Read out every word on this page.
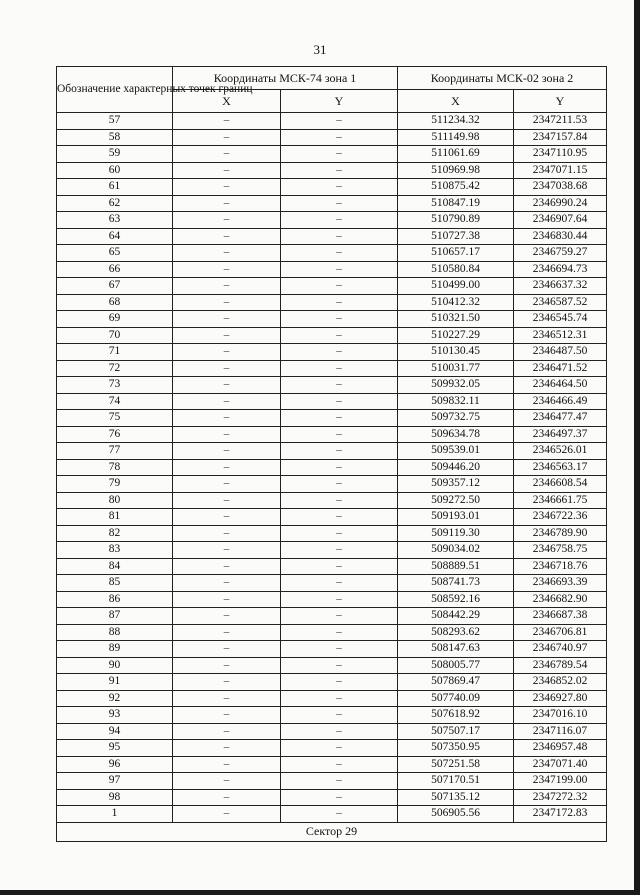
31
Обозначение характерных точек границ	Координаты МСК-74 зона 1		Координаты МСК-02 зона 2	
	X	Y	X	Y
57	–	–	511234.32	2347211.53
58	–	–	511149.98	2347157.84
59	–	–	511061.69	2347110.95
60	–	–	510969.98	2347071.15
61	–	–	510875.42	2347038.68
62	–	–	510847.19	2346990.24
63	–	–	510790.89	2346907.64
64	–	–	510727.38	2346830.44
65	–	–	510657.17	2346759.27
66	–	–	510580.84	2346694.73
67	–	–	510499.00	2346637.32
68	–	–	510412.32	2346587.52
69	–	–	510321.50	2346545.74
70	–	–	510227.29	2346512.31
71	–	–	510130.45	2346487.50
72	–	–	510031.77	2346471.52
73	–	–	509932.05	2346464.50
74	–	–	509832.11	2346466.49
75	–	–	509732.75	2346477.47
76	–	–	509634.78	2346497.37
77	–	–	509539.01	2346526.01
78	–	–	509446.20	2346563.17
79	–	–	509357.12	2346608.54
80	–	–	509272.50	2346661.75
81	–	–	509193.01	2346722.36
82	–	–	509119.30	2346789.90
83	–	–	509034.02	2346758.75
84	–	–	508889.51	2346718.76
85	–	–	508741.73	2346693.39
86	–	–	508592.16	2346682.90
87	–	–	508442.29	2346687.38
88	–	–	508293.62	2346706.81
89	–	–	508147.63	2346740.97
90	–	–	508005.77	2346789.54
91	–	–	507869.47	2346852.02
92	–	–	507740.09	2346927.80
93	–	–	507618.92	2347016.10
94	–	–	507507.17	2347116.07
95	–	–	507350.95	2346957.48
96	–	–	507251.58	2347071.40
97	–	–	507170.51	2347199.00
98	–	–	507135.12	2347272.32
1	–	–	506905.56	2347172.83
Сектор 29				
